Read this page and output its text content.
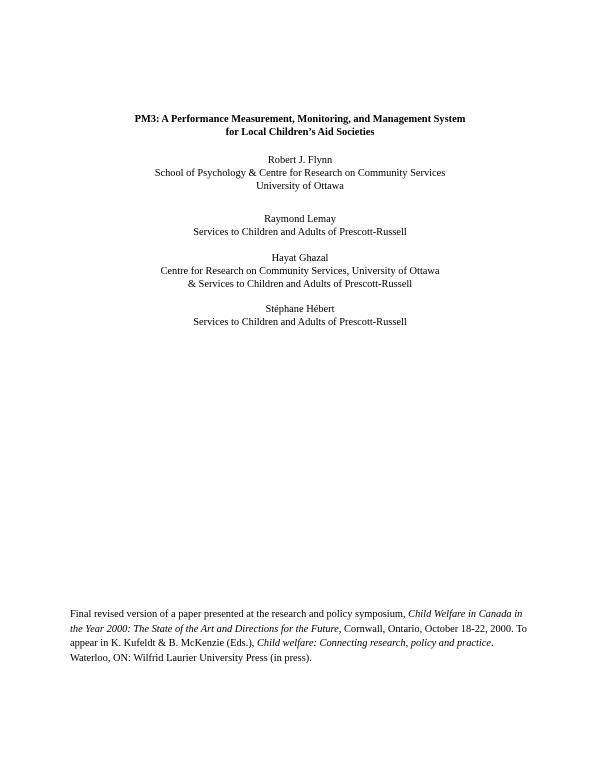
PM3: A Performance Measurement, Monitoring, and Management System
for Local Children’s Aid Societies
Robert J. Flynn
School of Psychology & Centre for Research on Community Services
University of Ottawa
Raymond Lemay
Services to Children and Adults of Prescott-Russell
Hayat Ghazal
Centre for Research on Community Services, University of Ottawa
& Services to Children and Adults of Prescott-Russell
Stéphane Hébert
Services to Children and Adults of Prescott-Russell
Final revised version of a paper presented at the research and policy symposium, Child Welfare in Canada in the Year 2000: The State of the Art and Directions for the Future, Cornwall, Ontario, October 18-22, 2000. To appear in K. Kufeldt & B. McKenzie (Eds.), Child welfare: Connecting research, policy and practice. Waterloo, ON: Wilfrid Laurier University Press (in press).
